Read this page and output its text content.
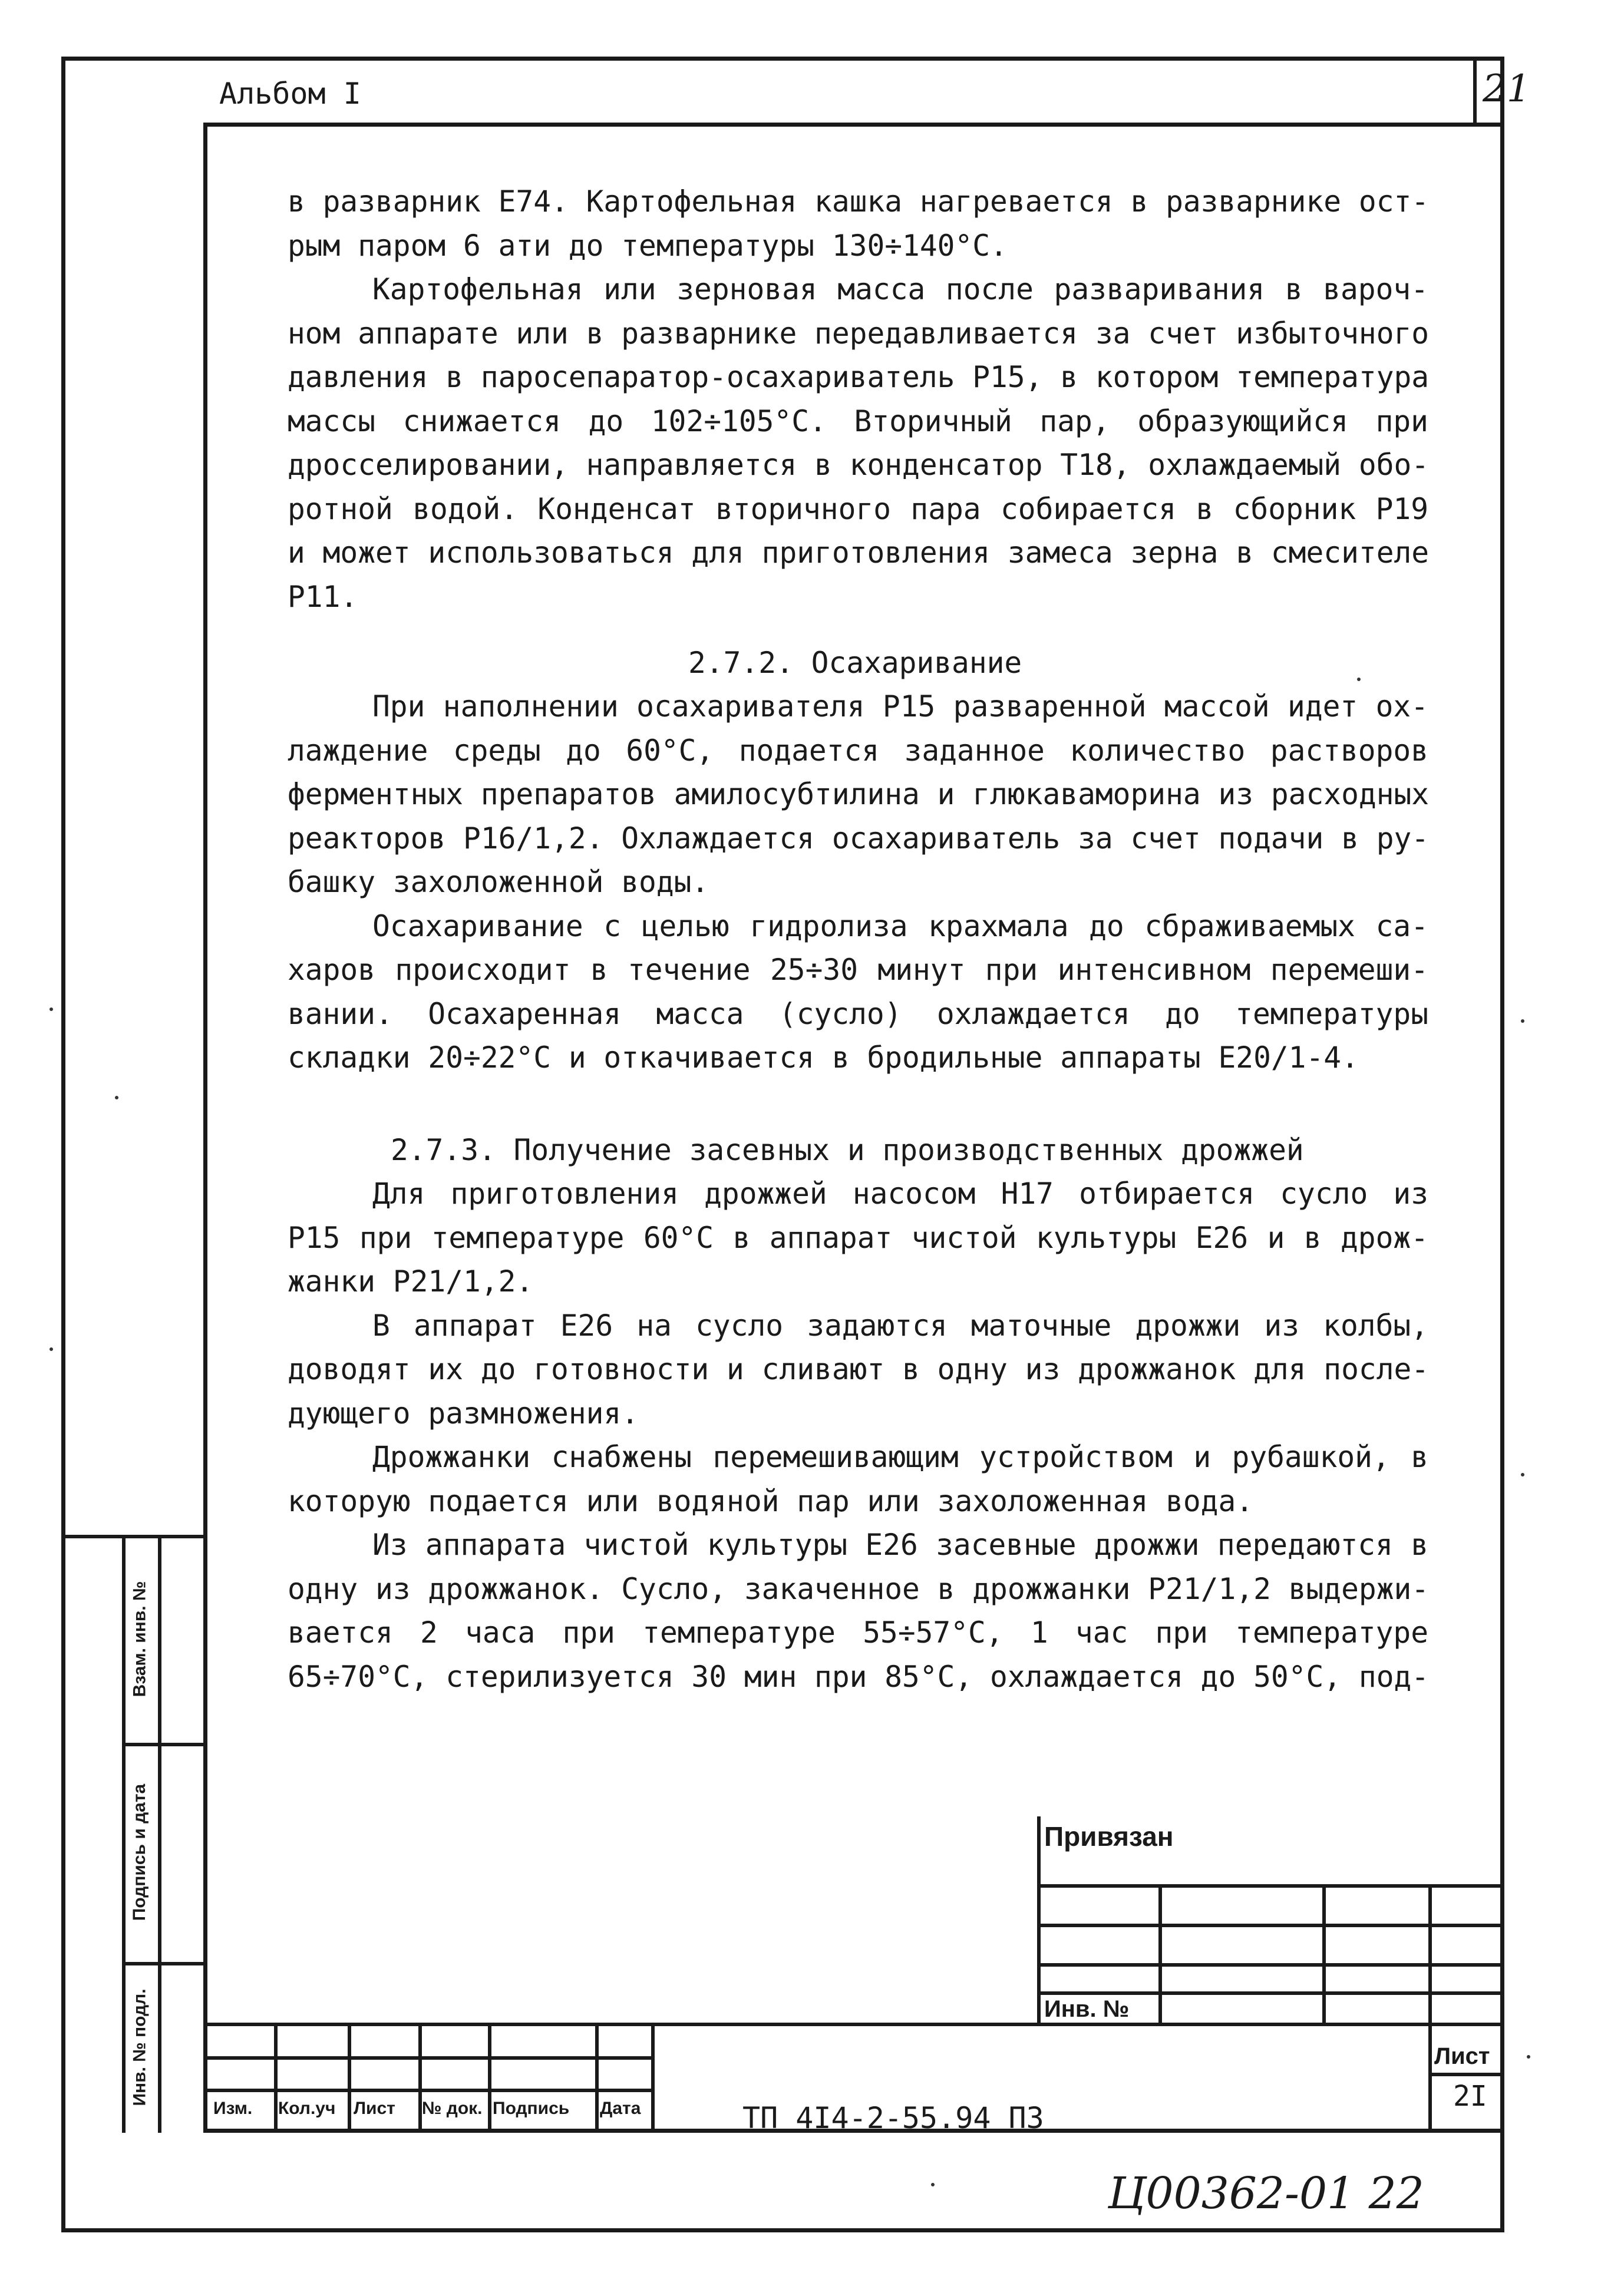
Альбом I	21

в разварник Е74. Картофельная кашка нагревается в разварнике ост-

рым паром 6 ати до температуры 130÷140°С.

Картофельная или зерновая масса после разваривания в вароч-

ном аппарате или в разварнике передавливается за счет избыточного

давления в паросепаратор-осахариватель Р15, в котором температура

массы снижается до 102÷105°С. Вторичный пар, образующийся при

дросселировании, направляется в конденсатор Т18, охлаждаемый обо-

ротной водой. Конденсат вторичного пара собирается в сборник Р19

и может использоваться для приготовления замеса зерна в смесителе

Р11.

2.7.2. Осахаривание

При наполнении осахаривателя Р15 разваренной массой идет ох-

лаждение среды до 60°С, подается заданное количество растворов

ферментных препаратов амилосубтилина и глюкаваморина из расходных

реакторов Р16/1,2. Охлаждается осахариватель за счет подачи в ру-

башку захоложенной воды.

Осахаривание с целью гидролиза крахмала до сбраживаемых са-

харов происходит в течение 25÷30 минут при интенсивном перемеши-

вании. Осахаренная масса (сусло) охлаждается до температуры

складки 20÷22°С и откачивается в бродильные аппараты Е20/1-4.

2.7.3. Получение засевных и производственных дрожжей

Для приготовления дрожжей насосом Н17 отбирается сусло из

Р15 при температуре 60°С в аппарат чистой культуры Е26 и в дрож-

жанки Р21/1,2.

В аппарат Е26 на сусло задаются маточные дрожжи из колбы,

доводят их до готовности и сливают в одну из дрожжанок для после-

дующего размножения.

Дрожжанки снабжены перемешивающим устройством и рубашкой, в

которую подается или водяной пар или захоложенная вода.

Из аппарата чистой культуры Е26 засевные дрожжи передаются в

одну из дрожжанок. Сусло, закаченное в дрожжанки Р21/1,2 выдержи-

вается 2 часа при температуре 55÷57°С, 1 час при температуре

65÷70°С, стерилизуется 30 мин при 85°С, охлаждается до 50°С, под-

Привязан
Инв. №
Изм. Кол.уч Лист № док. Подпись Дата	ТП 4I4-2-55.94 ПЗ
Лист
2I
Взам. инв. №
Подпись и дата
Инв. № подл.
Ц00362-01 22
